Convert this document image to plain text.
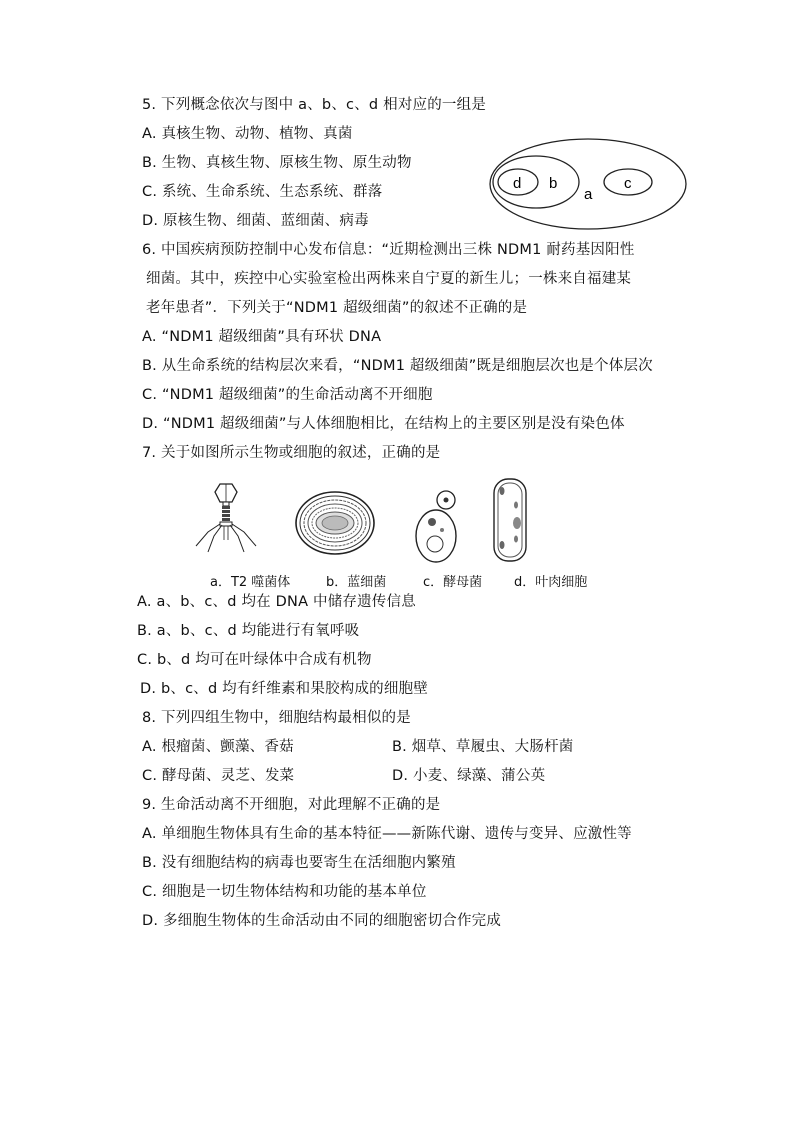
5. 下列概念依次与图中 a、b、c、d 相对应的一组是
A. 真核生物、动物、植物、真菌
B. 生物、真核生物、原核生物、原生动物
C. 系统、生命系统、生态系统、群落
D. 原核生物、细菌、蓝细菌、病毒
d b
a
c
6. 中国疾病预防控制中心发布信息：“近期检测出三株 NDM1 耐药基因阳性
细菌。其中，疾控中心实验室检出两株来自宁夏的新生儿；一株来自福建某
老年患者”．下列关于“NDM1 超级细菌”的叙述不正确的是
A. “NDM1 超级细菌”具有环状 DNA
B. 从生命系统的结构层次来看，“NDM1 超级细菌”既是细胞层次也是个体层次
C. “NDM1 超级细菌”的生命活动离不开细胞
D. “NDM1 超级细菌”与人体细胞相比，在结构上的主要区别是没有染色体
7. 关于如图所示生物或细胞的叙述，正确的是
a．T2 噬菌体	b．蓝细菌	c．酵母菌 d．叶肉细胞
A. a、b、c、d 均在 DNA 中储存遗传信息
B. a、b、c、d 均能进行有氧呼吸
C. b、d 均可在叶绿体中合成有机物
D. b、c、d 均有纤维素和果胶构成的细胞壁
8. 下列四组生物中，细胞结构最相似的是
A. 根瘤菌、颤藻、香菇	B. 烟草、草履虫、大肠杆菌
C. 酵母菌、灵芝、发菜	D. 小麦、绿藻、蒲公英
9. 生命活动离不开细胞，对此理解不正确的是
A. 单细胞生物体具有生命的基本特征——新陈代谢、遗传与变异、应激性等
B. 没有细胞结构的病毒也要寄生在活细胞内繁殖
C. 细胞是一切生物体结构和功能的基本单位
D. 多细胞生物体的生命活动由不同的细胞密切合作完成
